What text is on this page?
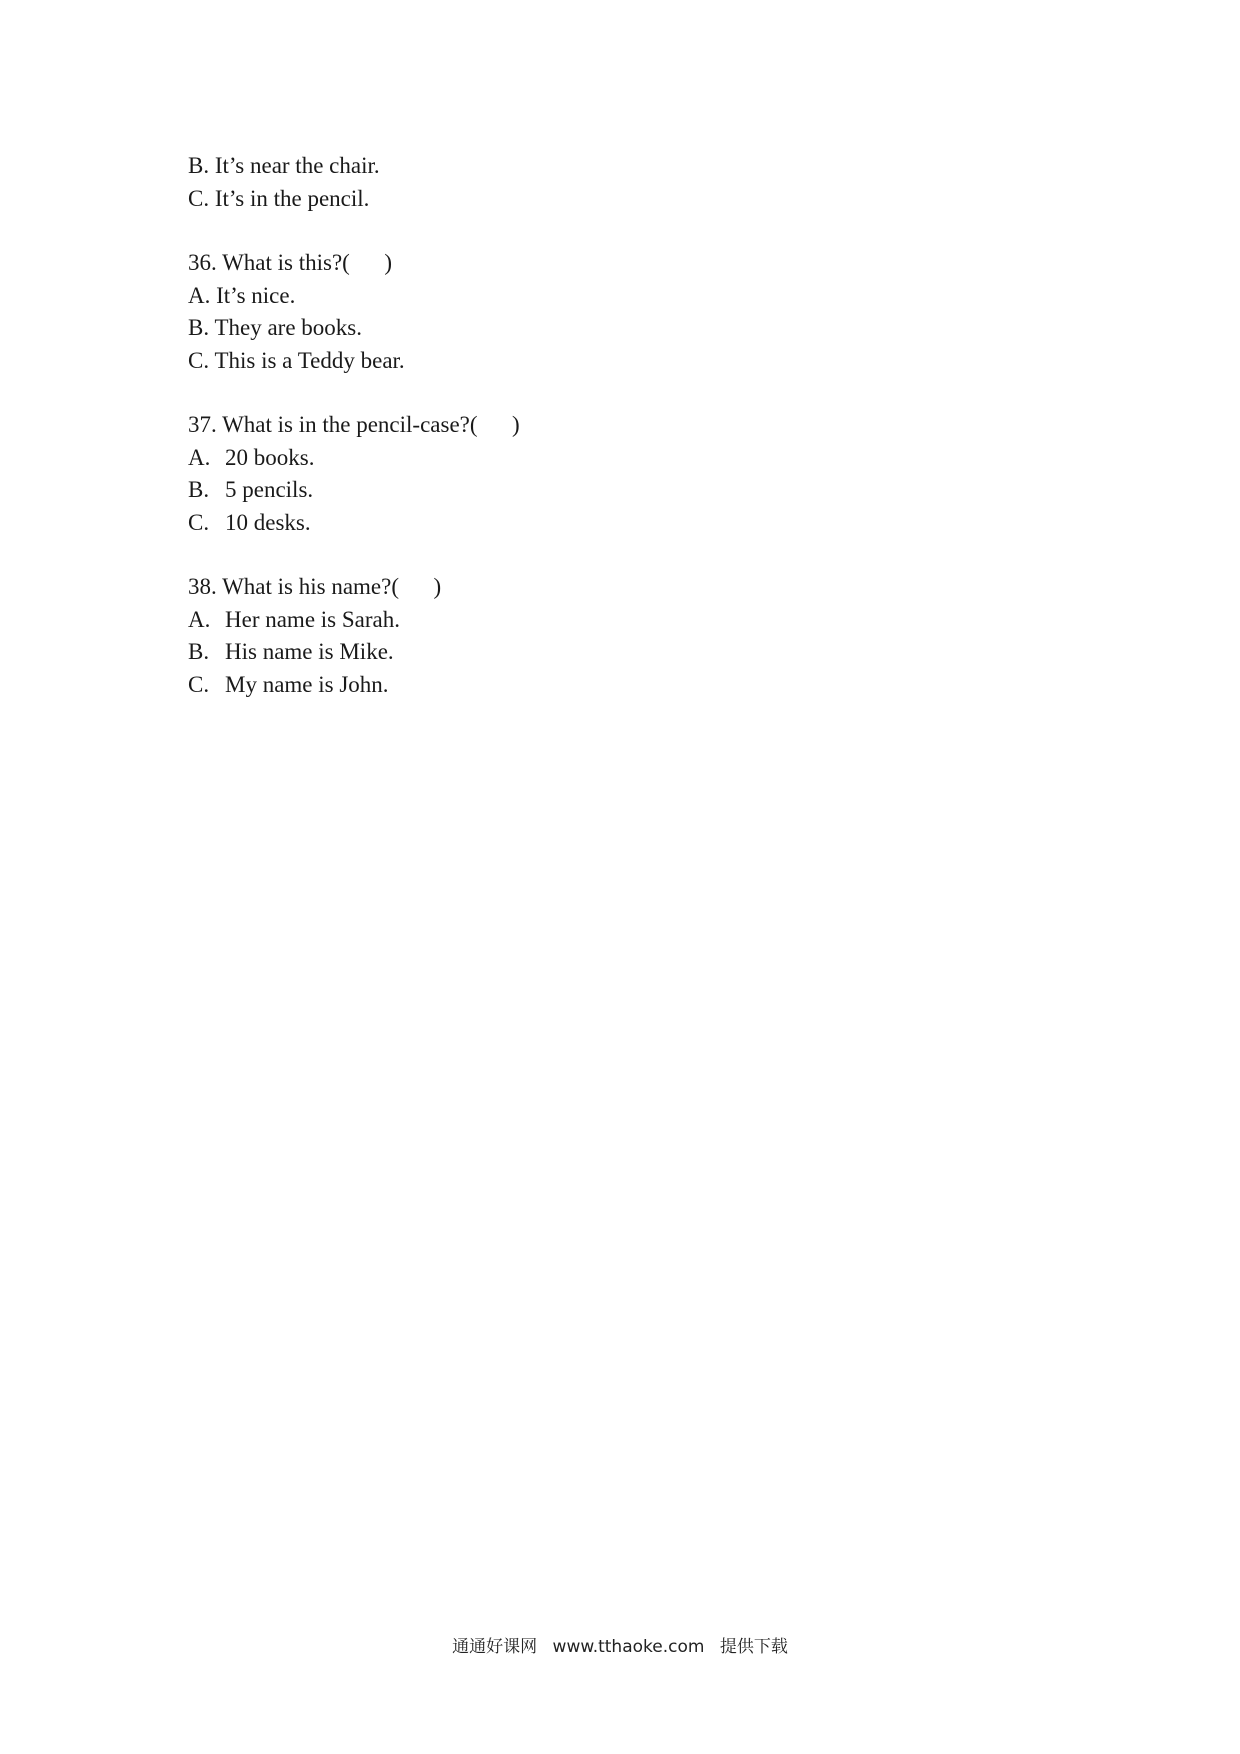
B. It’s near the chair.
C. It’s in the pencil.
36. What is this?(      )
A. It’s nice.
B. They are books.
C. This is a Teddy bear.
37. What is in the pencil-case?(      )
A. 20 books.
B. 5 pencils.
C. 10 desks.
38. What is his name?(      )
A. Her name is Sarah.
B. His name is Mike.
C. My name is John.
通通好课网 www.tthaoke.com 提供下载
